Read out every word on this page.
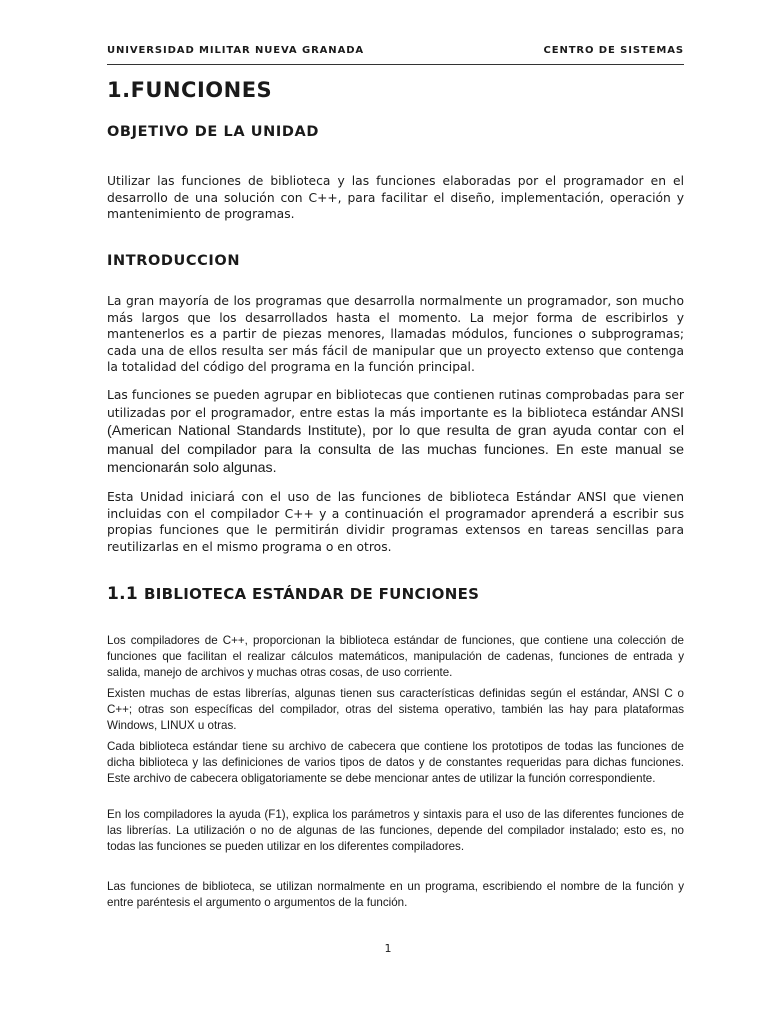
UNIVERSIDAD MILITAR NUEVA GRANADA	CENTRO DE SISTEMAS
1.FUNCIONES
OBJETIVO DE LA UNIDAD

Utilizar las funciones de biblioteca y las funciones elaboradas por el programador en el desarrollo de una solución con C++, para facilitar el diseño, implementación, operación y mantenimiento de programas.

INTRODUCCION

La gran mayoría de los programas que desarrolla normalmente un programador, son mucho más largos que los desarrollados hasta el momento. La mejor forma de escribirlos y mantenerlos es a partir de piezas menores, llamadas módulos, funciones o subprogramas; cada una de ellos resulta ser más fácil de manipular que un proyecto extenso que contenga la totalidad del código del programa en la función principal.

Las funciones se pueden agrupar en bibliotecas que contienen rutinas comprobadas para ser utilizadas por el programador, entre estas la más importante es la biblioteca estándar ANSI (American National Standards Institute), por lo que resulta de gran ayuda contar con el manual del compilador para la consulta de las muchas funciones. En este manual se mencionarán solo algunas.

Esta Unidad iniciará con el uso de las funciones de biblioteca Estándar ANSI que vienen incluidas con el compilador C++ y a continuación el programador aprenderá a escribir sus propias funciones que le permitirán dividir programas extensos en tareas sencillas para reutilizarlas en el mismo programa o en otros.

1.1 BIBLIOTECA ESTÁNDAR DE FUNCIONES

Los compiladores de C++, proporcionan la biblioteca estándar de funciones, que contiene una colección de funciones que facilitan el realizar cálculos matemáticos, manipulación de cadenas, funciones de entrada y salida, manejo de archivos y muchas otras cosas, de uso corriente.

Existen muchas de estas librerías, algunas tienen sus características definidas según el estándar, ANSI C o C++; otras son específicas del compilador, otras del sistema operativo, también las hay para plataformas Windows, LINUX u otras.

Cada biblioteca estándar tiene su archivo de cabecera que contiene los prototipos de todas las funciones de dicha biblioteca y las definiciones de varios tipos de datos y de constantes requeridas para dichas funciones. Este archivo de cabecera obligatoriamente se debe mencionar antes de utilizar la función correspondiente.

En los compiladores la ayuda (F1), explica los parámetros y sintaxis para el uso de las diferentes funciones de las librerías. La utilización o no de algunas de las funciones, depende del compilador instalado; esto es, no todas las funciones se pueden utilizar en los diferentes compiladores.

Las funciones de biblioteca, se utilizan normalmente en un programa, escribiendo el nombre de la función y entre paréntesis el argumento o argumentos de la función.

1
